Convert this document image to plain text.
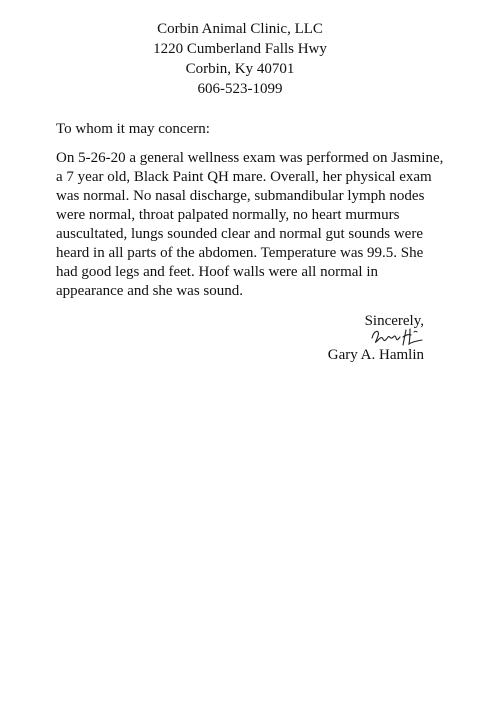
Corbin Animal Clinic, LLC
1220 Cumberland Falls Hwy
Corbin, Ky 40701
606-523-1099
To whom it may concern:
On 5-26-20 a general wellness exam was performed on Jasmine,
a 7 year old, Black Paint QH mare. Overall, her physical exam
was normal. No nasal discharge, submandibular lymph nodes
were normal, throat palpated normally, no heart murmurs
auscultated, lungs sounded clear and normal gut sounds were
heard in all parts of the abdomen. Temperature was 99.5. She
had good legs and feet. Hoof walls were all normal in
appearance and she was sound.
Sincerely,
Gary A. Hamlin
